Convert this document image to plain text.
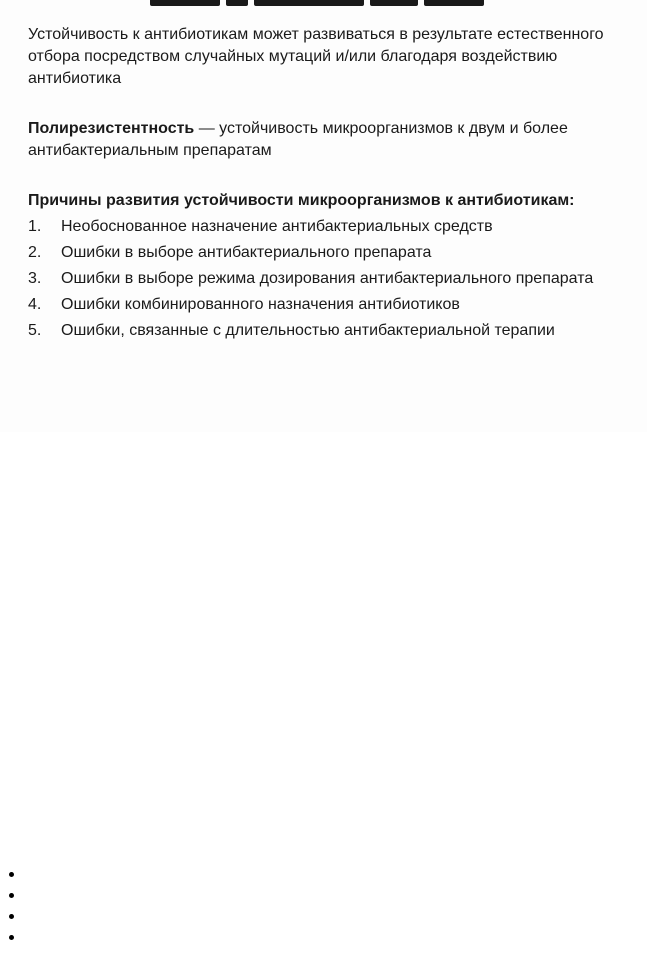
Устойчивость к антибиотикам может развиваться в результате естественного отбора посредством случайных мутаций и/или благодаря воздействию антибиотика

Полирезистентность — устойчивость микроорганизмов к двум и более антибактериальным препаратам

Причины развития устойчивости микроорганизмов к антибиотикам:

1.	Необоснованное назначение антибактериальных средств
2.	Ошибки в выборе антибактериального препарата
3.	Ошибки в выборе режима дозирования антибактериального препарата
4.	Ошибки комбинированного назначения антибиотиков
5.	Ошибки, связанные с длительностью антибактериальной терапии
